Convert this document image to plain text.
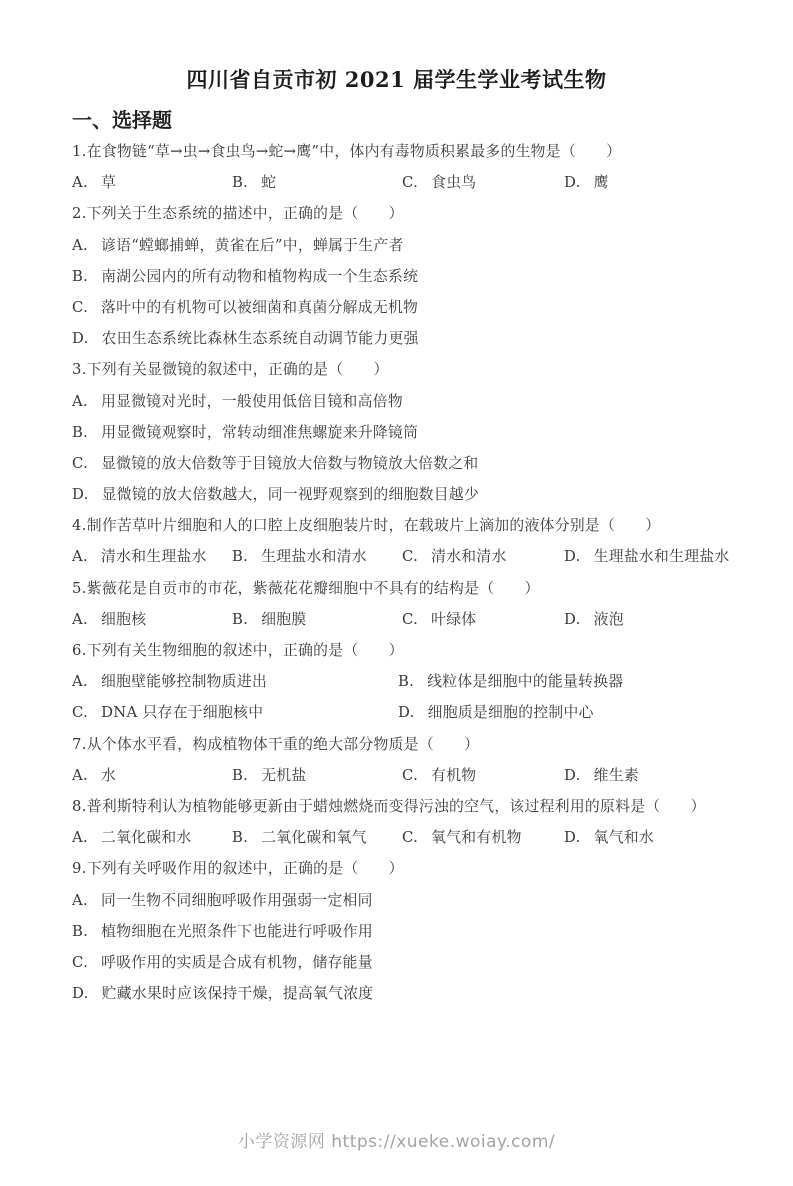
四川省自贡市初 2021 届学生学业考试生物
一、选择题
1.在食物链“草→虫→食虫鸟→蛇→鹰”中，体内有毒物质积累最多的生物是（　　）
A. 草	B. 蛇	C. 食虫鸟	D. 鹰
2.下列关于生态系统的描述中，正确的是（　　）
A. 谚语“螳螂捕蝉，黄雀在后”中，蝉属于生产者
B. 南湖公园内的所有动物和植物构成一个生态系统
C. 落叶中的有机物可以被细菌和真菌分解成无机物
D. 农田生态系统比森林生态系统自动调节能力更强
3.下列有关显微镜的叙述中，正确的是（　　）
A. 用显微镜对光时，一般使用低倍目镜和高倍物
B. 用显微镜观察时，常转动细准焦螺旋来升降镜筒
C. 显微镜的放大倍数等于目镜放大倍数与物镜放大倍数之和
D. 显微镜的放大倍数越大，同一视野观察到的细胞数目越少
4.制作苦草叶片细胞和人的口腔上皮细胞装片时，在载玻片上滴加的液体分别是（　　）
A. 清水和生理盐水 B. 生理盐水和清水 C. 清水和清水	D. 生理盐水和生理盐水
5.紫薇花是自贡市的市花，紫薇花花瓣细胞中不具有的结构是（　　）
A. 细胞核	B. 细胞膜	C. 叶绿体	D. 液泡
6.下列有关生物细胞的叙述中，正确的是（　　）
A. 细胞壁能够控制物质进出	B. 线粒体是细胞中的能量转换器
C. DNA 只存在于细胞核中	D. 细胞质是细胞的控制中心
7.从个体水平看，构成植物体干重的绝大部分物质是（　　）
A. 水	B. 无机盐	C. 有机物	D. 维生素
8.普利斯特利认为植物能够更新由于蜡烛燃烧而变得污浊的空气，该过程利用的原料是（　　）
A. 二氧化碳和水	B. 二氧化碳和氧气 C. 氧气和有机物	D. 氧气和水
9.下列有关呼吸作用的叙述中，正确的是（　　）
A. 同一生物不同细胞呼吸作用强弱一定相同
B. 植物细胞在光照条件下也能进行呼吸作用
C. 呼吸作用的实质是合成有机物，储存能量
D. 贮藏水果时应该保持干燥，提高氧气浓度
小学资源网 https://xueke.woiay.com/
